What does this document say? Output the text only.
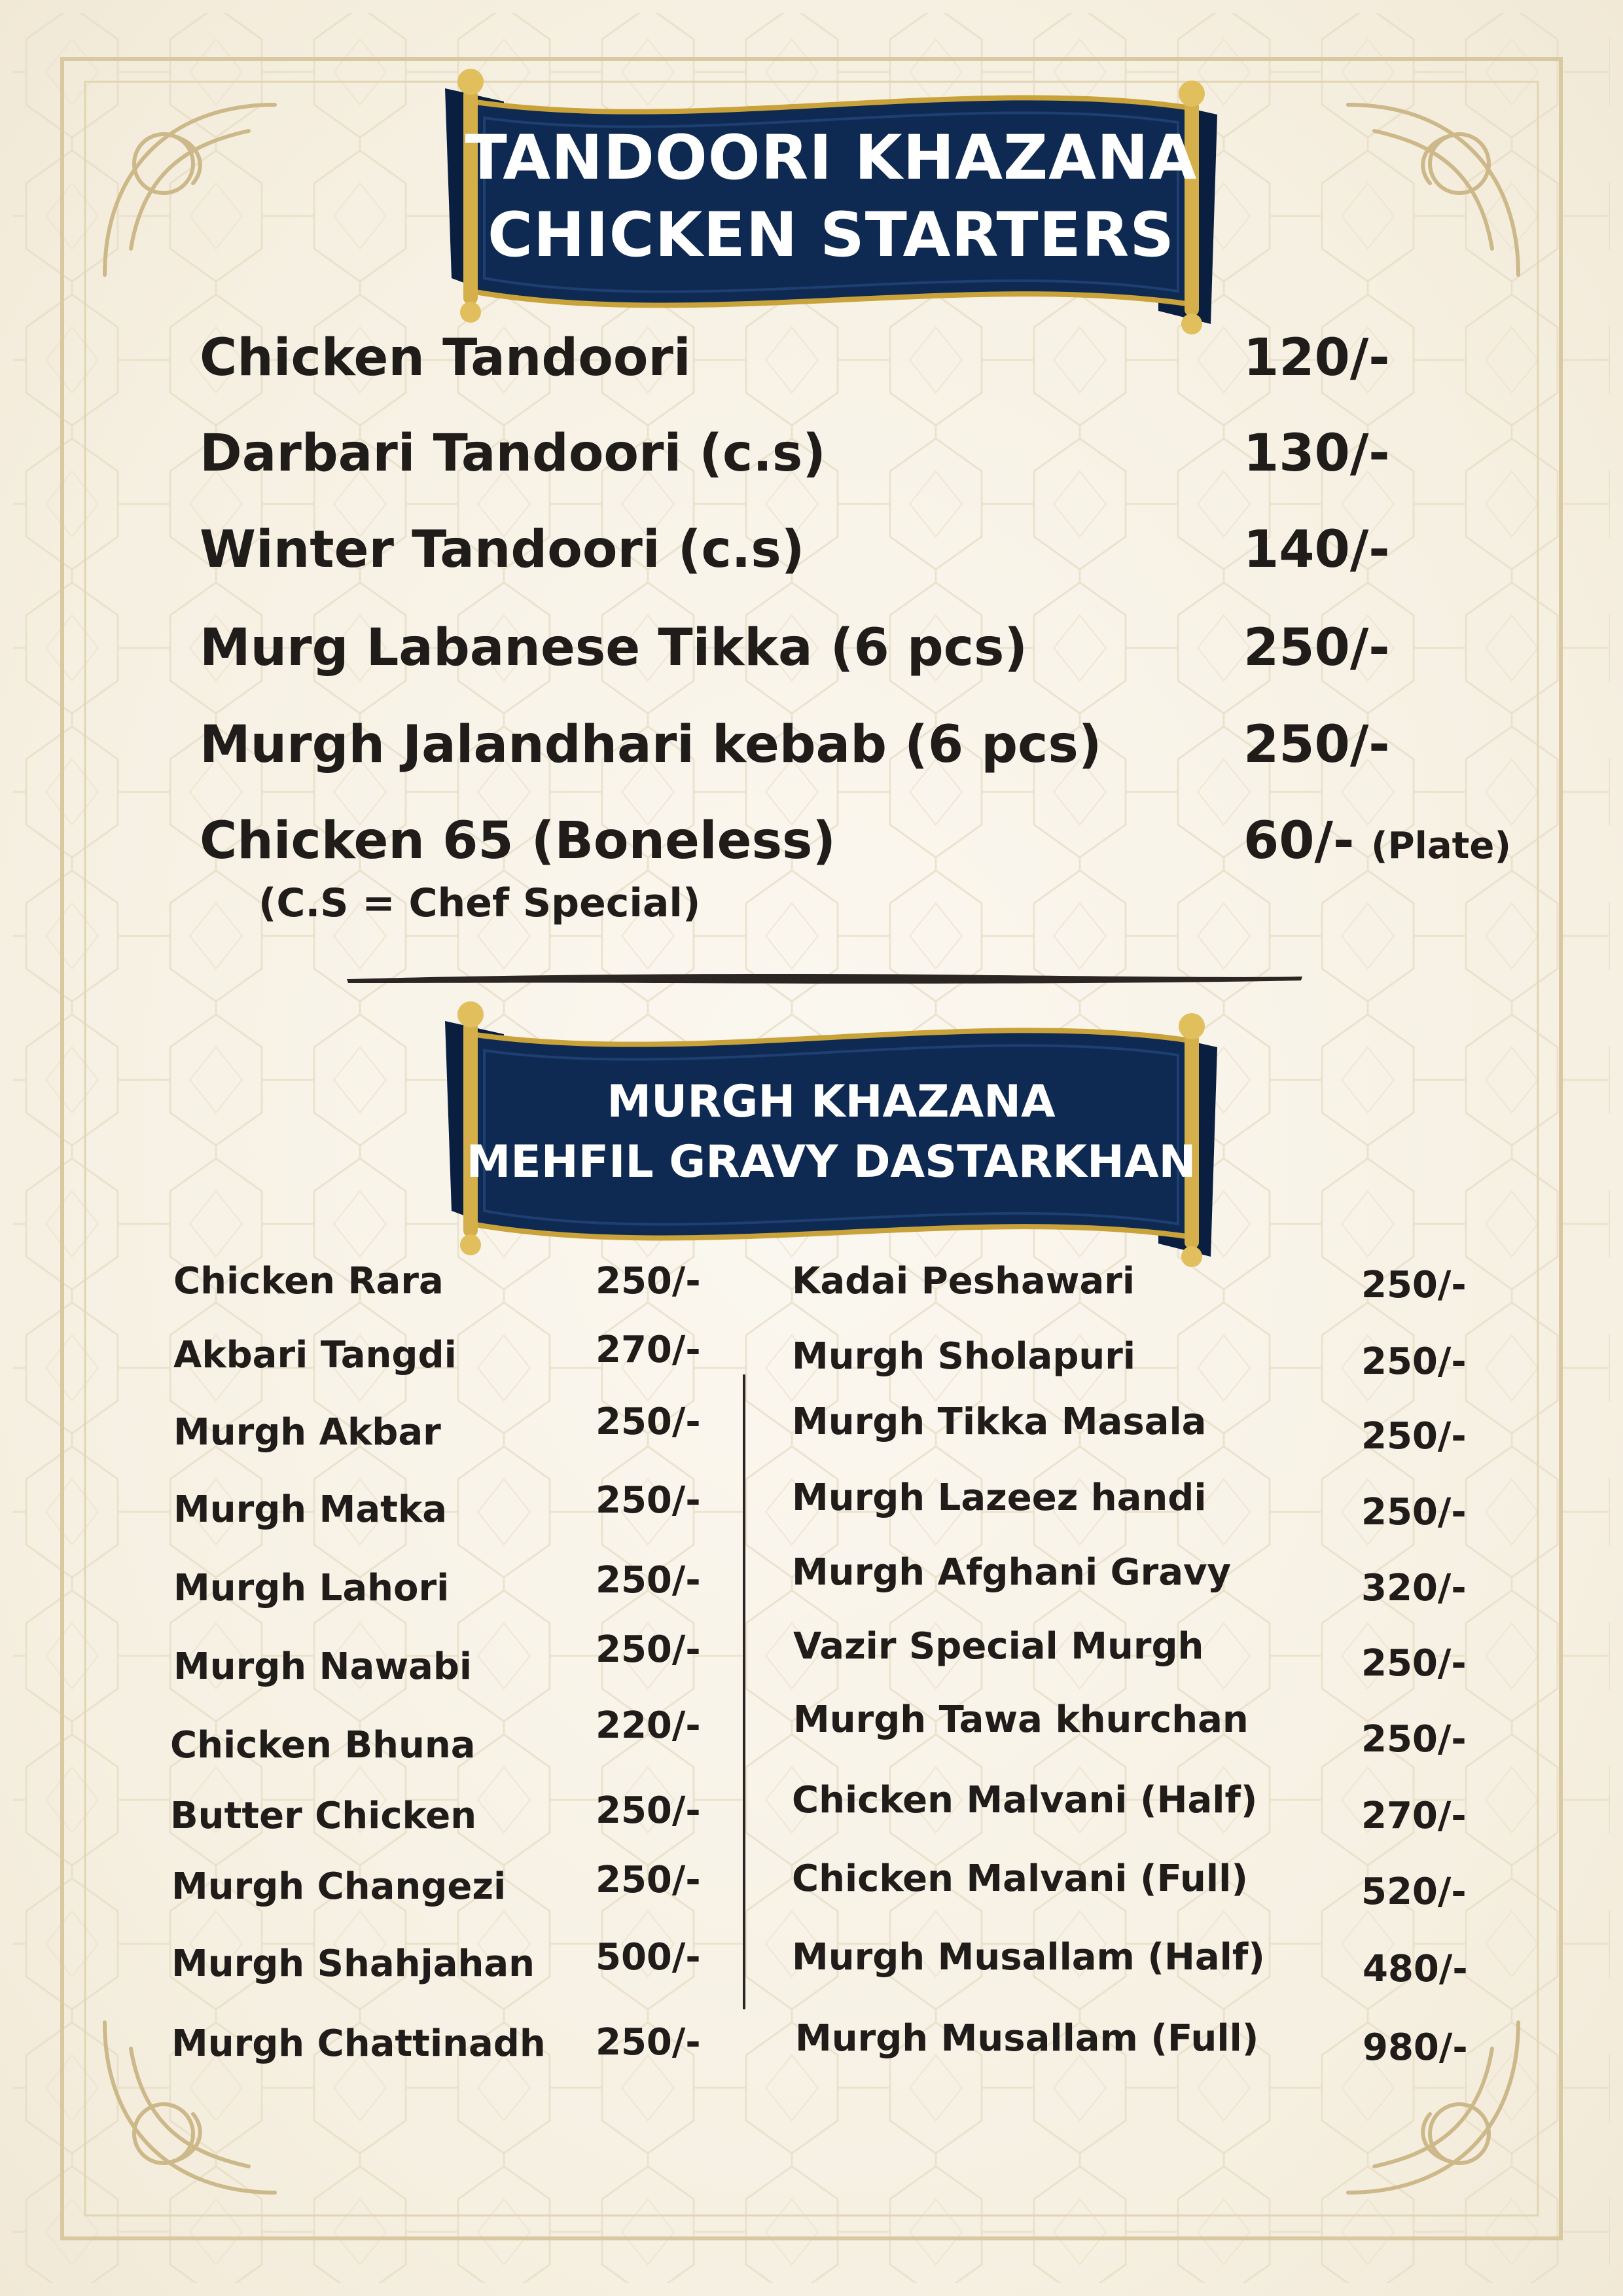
TANDOORI KHAZANA
CHICKEN STARTERS
Chicken Tandoori	120/-
Darbari Tandoori (c.s)	130/-
Winter Tandoori (c.s)	140/-
Murg Labanese Tikka (6 pcs)	250/-
Murgh Jalandhari kebab (6 pcs)	250/-
Chicken 65 (Boneless)	60/- (Plate)
(C.S = Chef Special)
MURGH KHAZANA
MEHFIL GRAVY DASTARKHAN
Chicken Rara	250/-
Akbari Tangdi	270/-
Murgh Akbar	250/-
Murgh Matka	250/-
Murgh Lahori	250/-
Murgh Nawabi	250/-
Chicken Bhuna	220/-
Butter Chicken	250/-
Murgh Changezi 250/-
Murgh Shahjahan 500/-
Murgh Chattinadh 250/-
Kadai Peshawari	250/-
Murgh Sholapuri	250/-
Murgh Tikka Masala	250/-
Murgh Lazeez handi	250/-
Murgh Afghani Gravy	320/-
Vazir Special Murgh	250/-
Murgh Tawa khurchan	250/-
Chicken Malvani (Half)	270/-
Chicken Malvani (Full)	520/-
Murgh Musallam (Half)	480/-
Murgh Musallam (Full)	980/-
